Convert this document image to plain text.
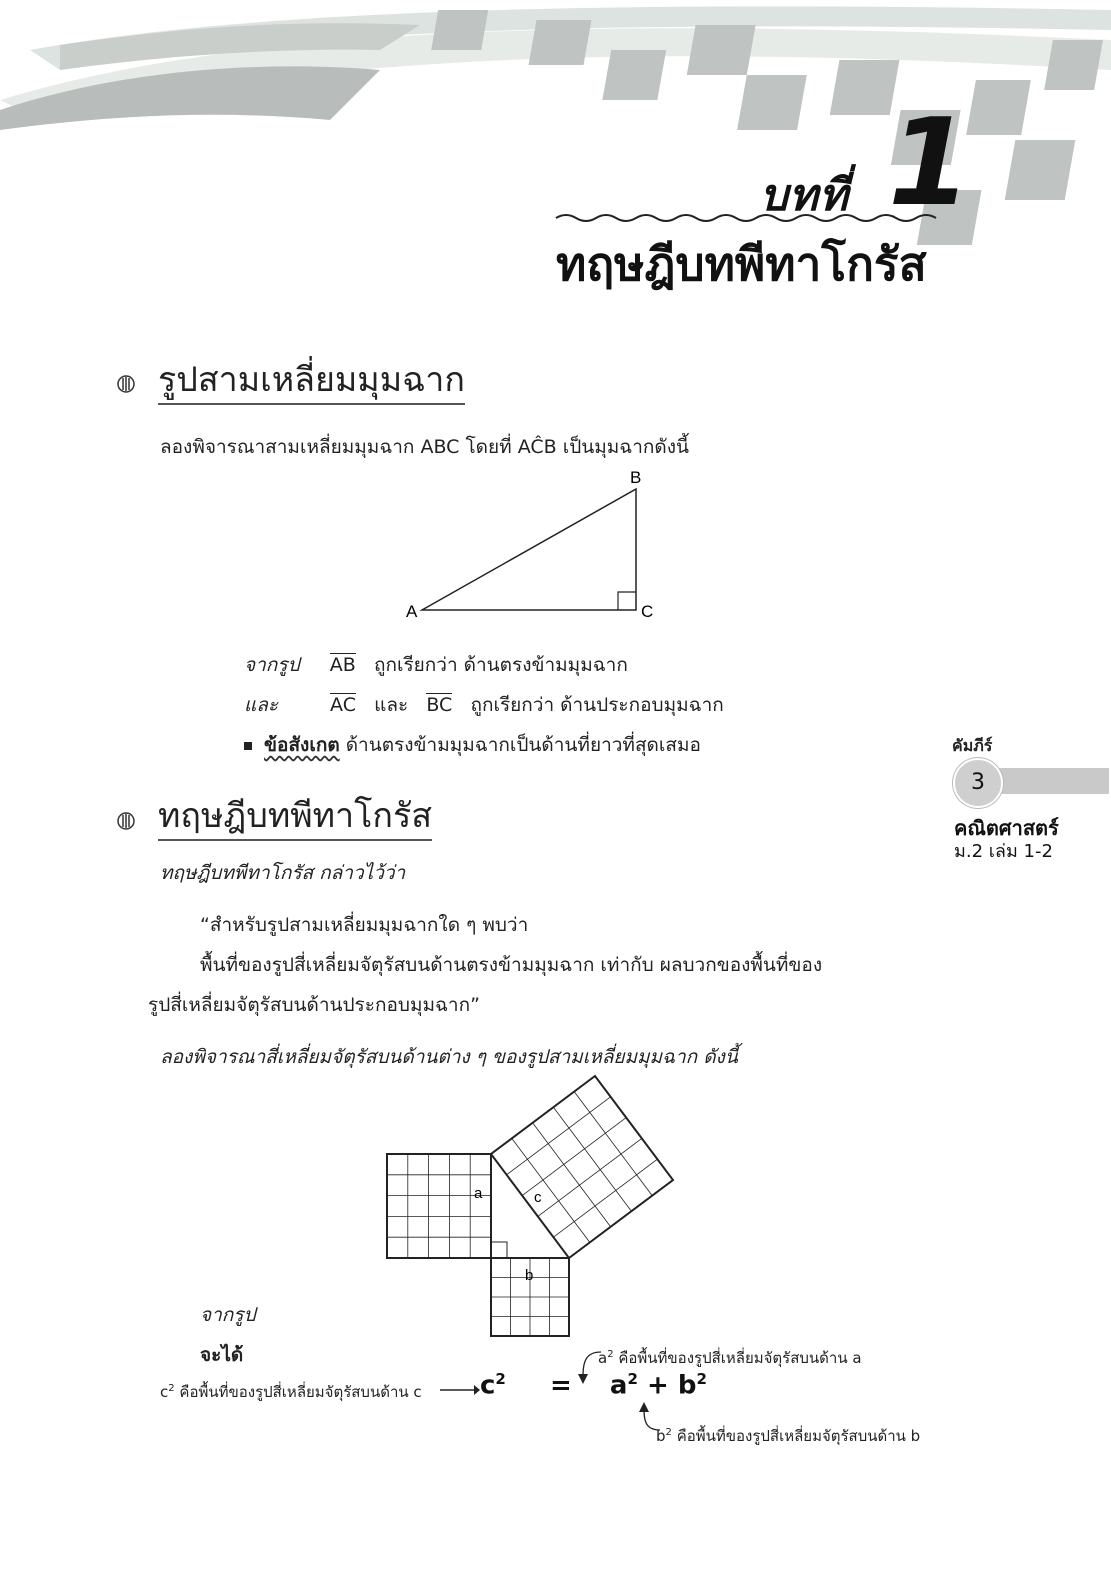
บทที่ 1
ทฤษฎีบทพีทาโกรัส
รูปสามเหลี่ยมมุมฉาก
ลองพิจารณาสามเหลี่ยมมุมฉาก ABC โดยที่ AĈB เป็นมุมฉากดังนี้
A
B
C
จากรูป AB ถูกเรียกว่า ด้านตรงข้ามมุมฉาก
และ	AC และ BC ถูกเรียกว่า ด้านประกอบมุมฉาก
ข้อสังเกต ด้านตรงข้ามมุมฉากเป็นด้านที่ยาวที่สุดเสมอ
ทฤษฎีบทพีทาโกรัส
ทฤษฎีบทพีทาโกรัส กล่าวไว้ว่า
“สำหรับรูปสามเหลี่ยมมุมฉากใด ๆ พบว่า
พื้นที่ของรูปสี่เหลี่ยมจัตุรัสบนด้านตรงข้ามมุมฉาก เท่ากับ ผลบวกของพื้นที่ของ
รูปสี่เหลี่ยมจัตุรัสบนด้านประกอบมุมฉาก”
ลองพิจารณาสี่เหลี่ยมจัตุรัสบนด้านต่าง ๆ ของรูปสามเหลี่ยมมุมฉาก ดังนี้
a
b
c
จากรูป
จะได้	$a^2$ คือพื้นที่ของรูปสี่เหลี่ยมจัตุรัสบนด้าน a
$c^2$ คือพื้นที่ของรูปสี่เหลี่ยมจัตุรัสบนด้าน c $c^2 = a^2 + b^2$
$b^2$ คือพื้นที่ของรูปสี่เหลี่ยมจัตุรัสบนด้าน b
คัมภีร์
3
คณิตศาสตร์
ม.2 เล่ม 1-2
